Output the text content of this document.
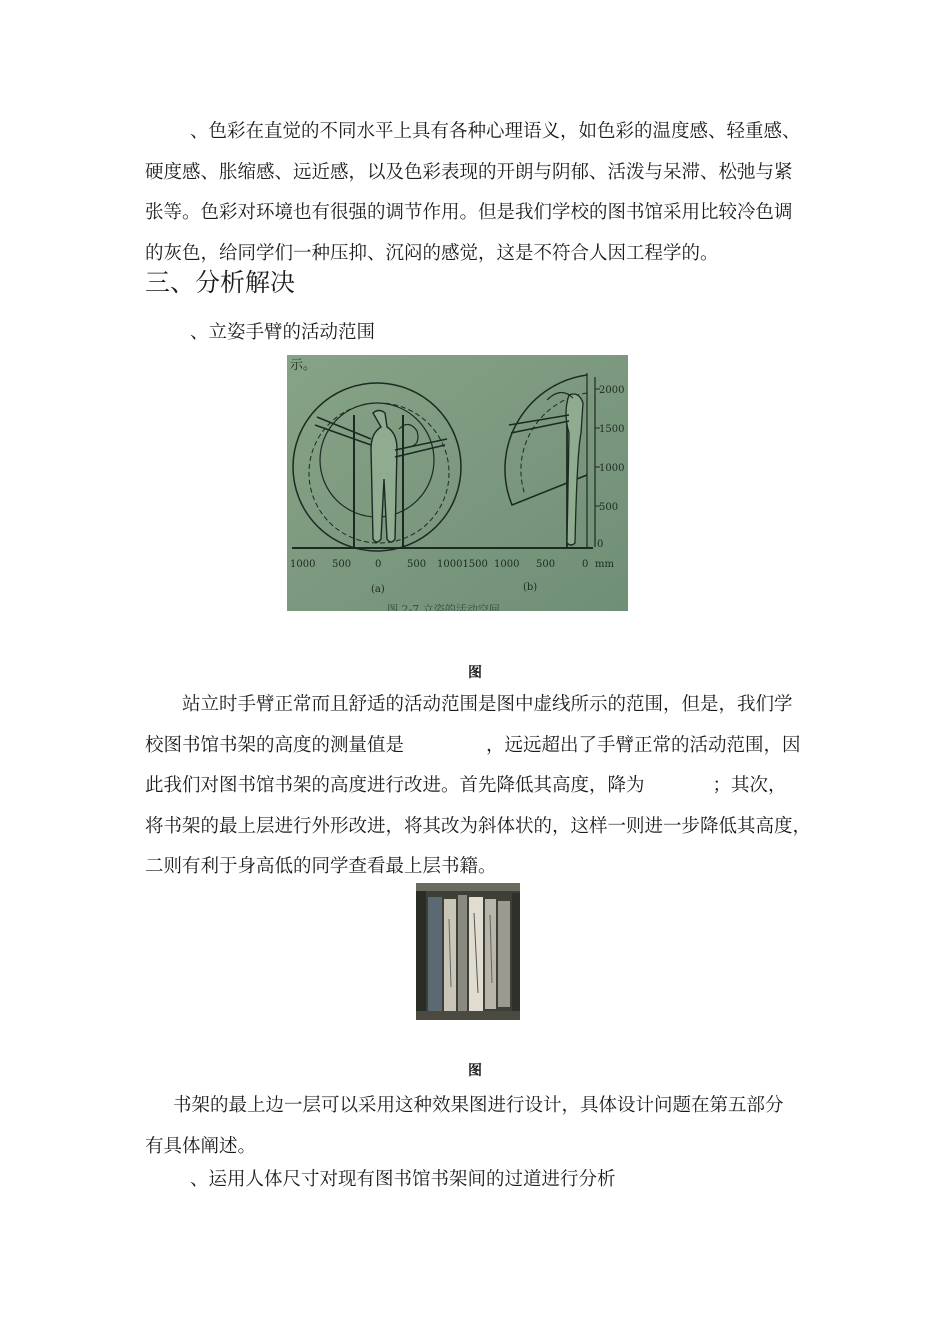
、色彩在直觉的不同水平上具有各种心理语义，如色彩的温度感、轻重感、
硬度感、胀缩感、远近感，以及色彩表现的开朗与阴郁、活泼与呆滞、松弛与紧
张等。色彩对环境也有很强的调节作用。但是我们学校的图书馆采用比较冷色调
的灰色，给同学们一种压抑、沉闷的感觉，这是不符合人因工程学的。
三、分析解决
、立姿手臂的活动范围
示。
2000
1500
1000
500
0
1000 500 0	500 10001500 1000 500	0 mm
(a)	(b)
图 2-7 立姿的活动空间
图
站立时手臂正常而且舒适的活动范围是图中虚线所示的范围，但是，我们学
校图书馆书架的高度的测量值是	，远远超出了手臂正常的活动范围，因
此我们对图书馆书架的高度进行改进。首先降低其高度，降为	；其次，
将书架的最上层进行外形改进，将其改为斜体状的，这样一则进一步降低其高度，
二则有利于身高低的同学查看最上层书籍。
图
书架的最上边一层可以采用这种效果图进行设计，具体设计问题在第五部分
有具体阐述。
、运用人体尺寸对现有图书馆书架间的过道进行分析
